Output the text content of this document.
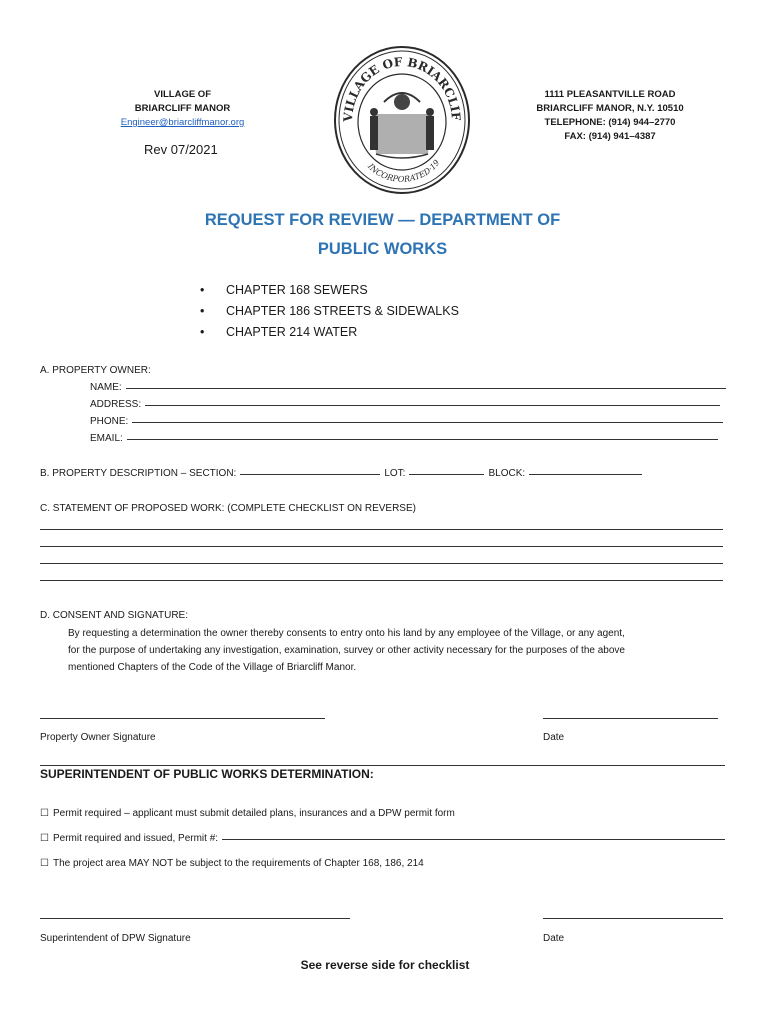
VILLAGE OF
BRIARCLIFF MANOR
Engineer@briarcliffmanor.org
Rev 07/2021
VILLAGE OF BRIARCLIF
INCORPORATED·19
1111 PLEASANTVILLE ROAD
BRIARCLIFF MANOR, N.Y. 10510
TELEPHONE: (914) 944–2770
FAX: (914) 941–4387
REQUEST FOR REVIEW — DEPARTMENT OF
PUBLIC WORKS
•	CHAPTER 168 SEWERS
•	CHAPTER 186 STREETS & SIDEWALKS
•	CHAPTER 214 WATER
A. PROPERTY OWNER:
NAME:
ADDRESS:
PHONE:
EMAIL:
B. PROPERTY DESCRIPTION – SECTION:	LOT:	BLOCK:
C. STATEMENT OF PROPOSED WORK: (COMPLETE CHECKLIST ON REVERSE)
D. CONSENT AND SIGNATURE:
By requesting a determination the owner thereby consents to entry onto his land by any employee of the Village, or any agent,
for the purpose of undertaking any investigation, examination, survey or other activity necessary for the purposes of the above
mentioned Chapters of the Code of the Village of Briarcliff Manor.
Property Owner Signature	Date
SUPERINTENDENT OF PUBLIC WORKS DETERMINATION:
☐ Permit required – applicant must submit detailed plans, insurances and a DPW permit form
☐ Permit required and issued, Permit #:
☐ The project area MAY NOT be subject to the requirements of Chapter 168, 186, 214
Superintendent of DPW Signature	Date
See reverse side for checklist
